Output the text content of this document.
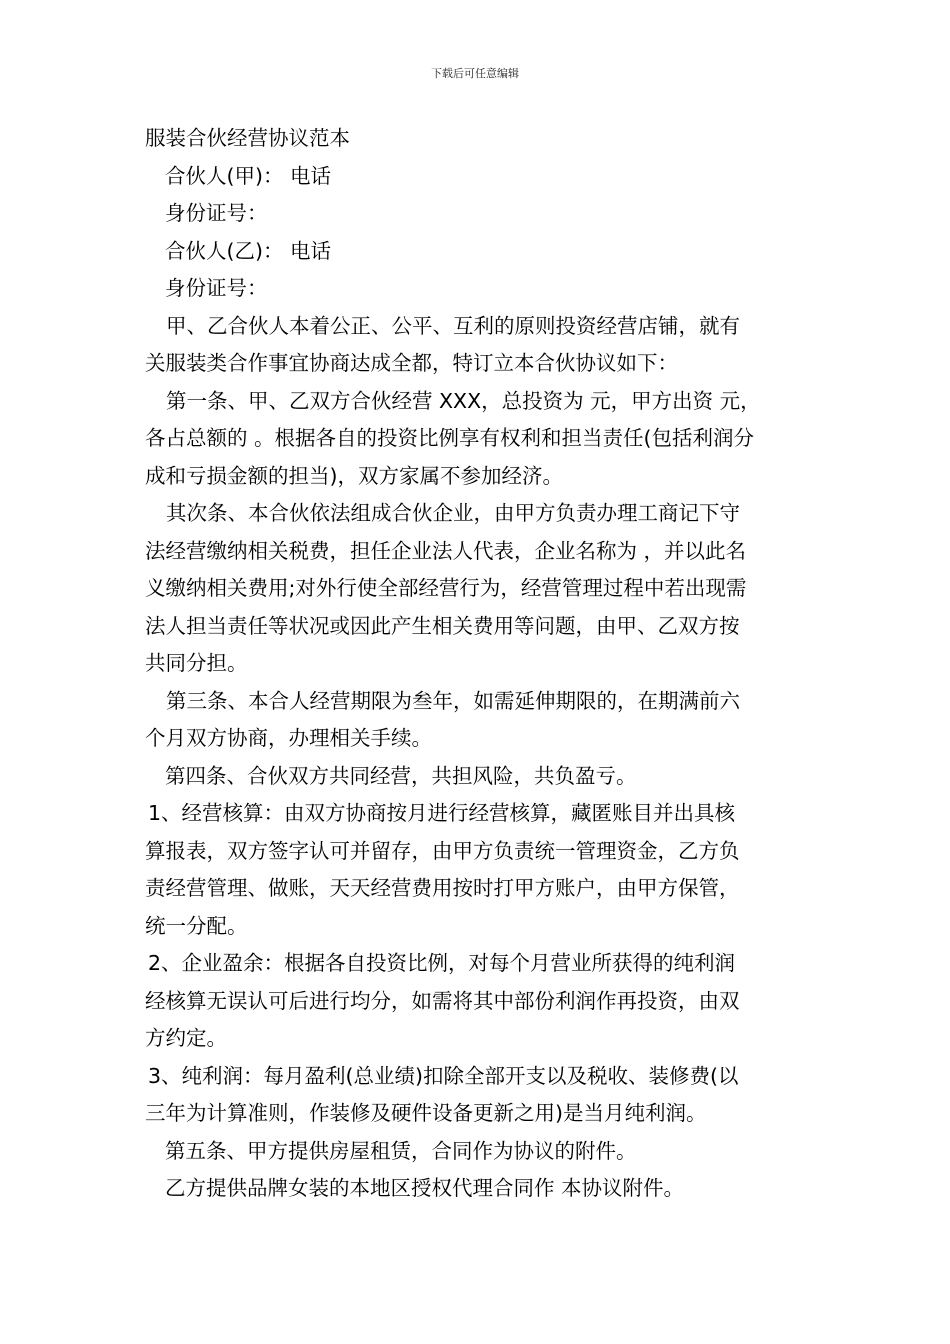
下载后可任意编辑
服装合伙经营协议范本
合伙人(甲)： 电话
身份证号：
合伙人(乙)： 电话
身份证号：
甲、乙合伙人本着公正、公平、互利的原则投资经营店铺，就有
关服装类合作事宜协商达成全都，特订立本合伙协议如下：
第一条、甲、乙双方合伙经营 XXX，总投资为 元，甲方出资 元，
各占总额的 。根据各自的投资比例享有权利和担当责任(包括利润分
成和亏损金额的担当)，双方家属不参加经济。
其次条、本合伙依法组成合伙企业，由甲方负责办理工商记下守
法经营缴纳相关税费，担任企业法人代表，企业名称为 ，并以此名
义缴纳相关费用;对外行使全部经营行为，经营管理过程中若出现需
法人担当责任等状况或因此产生相关费用等问题，由甲、乙双方按
共同分担。
第三条、本合人经营期限为叁年，如需延伸期限的，在期满前六
个月双方协商，办理相关手续。
第四条、合伙双方共同经营，共担风险，共负盈亏。
1、经营核算：由双方协商按月进行经营核算，藏匿账目并出具核
算报表，双方签字认可并留存，由甲方负责统一管理资金，乙方负
责经营管理、做账，天天经营费用按时打甲方账户，由甲方保管，
统一分配。
2、企业盈余：根据各自投资比例，对每个月营业所获得的纯利润
经核算无误认可后进行均分，如需将其中部份利润作再投资，由双
方约定。
3、纯利润：每月盈利(总业绩)扣除全部开支以及税收、装修费(以
三年为计算准则，作装修及硬件设备更新之用)是当月纯利润。
第五条、甲方提供房屋租赁，合同作为协议的附件。
乙方提供品牌女装的本地区授权代理合同作 本协议附件。
